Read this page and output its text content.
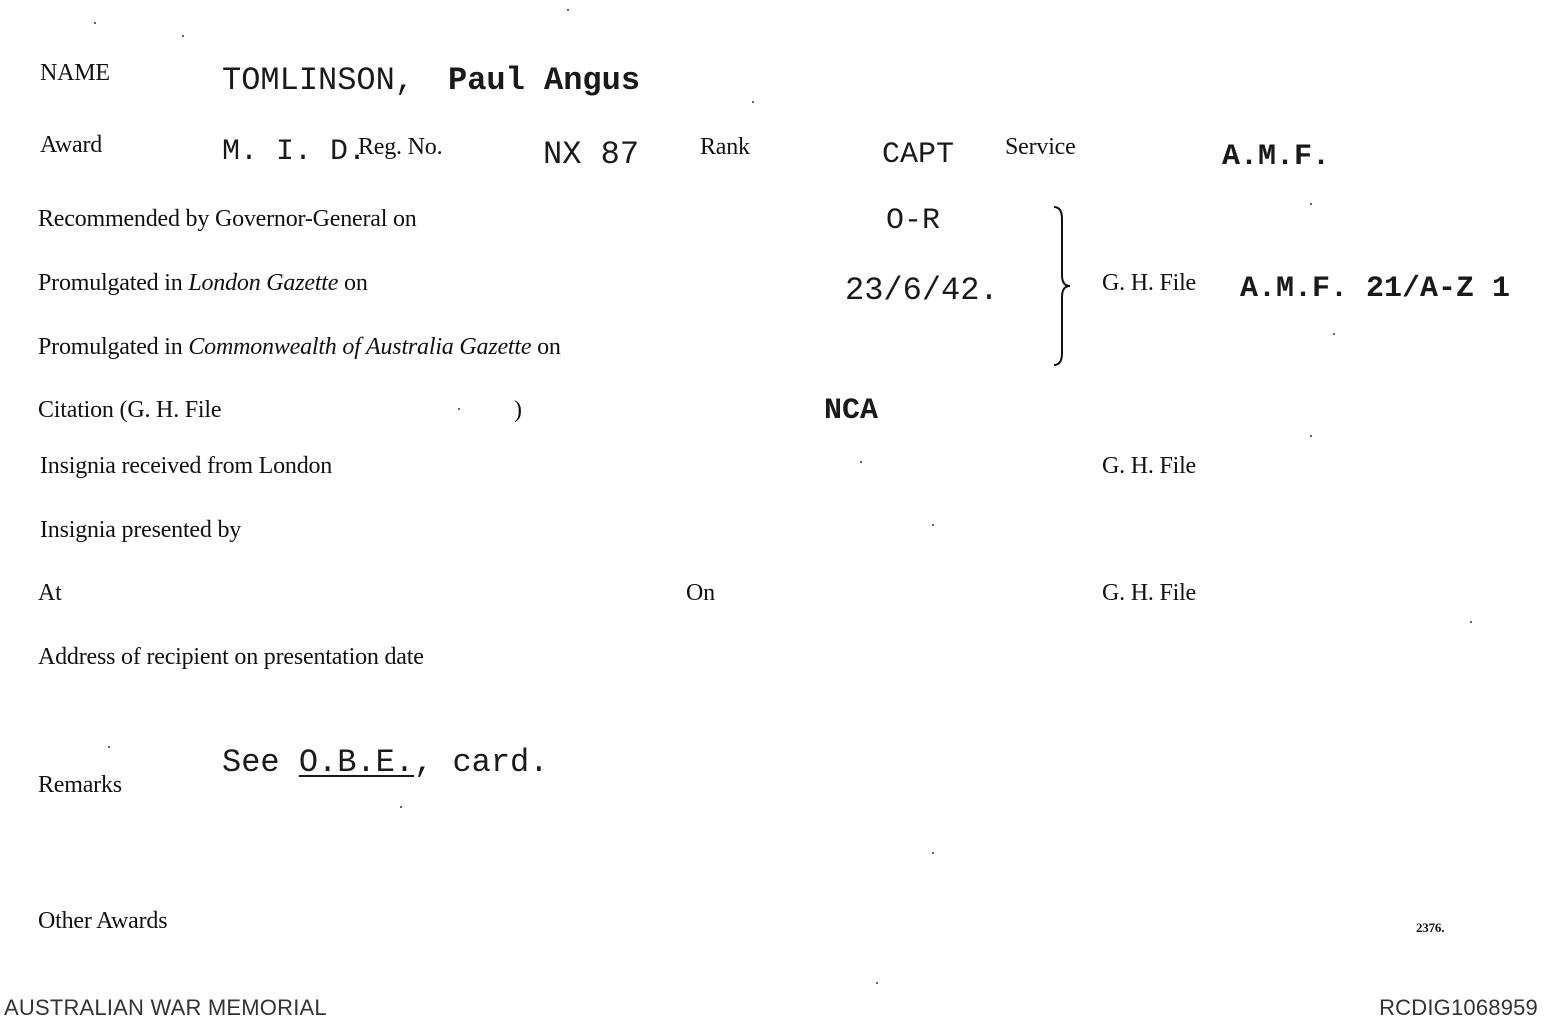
NAME	TOMLINSON, Paul Angus
Award	M. I. D.
Reg. No.	NX 87	Rank	CAPT Service	A.M.F.
Recommended by Governor-General on	O-R
Promulgated in London Gazette on	23/6/42.	G. H. File A.M.F. 21/A-Z 1
Promulgated in Commonwealth of Australia Gazette on
Citation (G. H. File	)	NCA
Insignia received from London	G. H. File
Insignia presented by
At	On	G. H. File
Address of recipient on presentation date
Remarks
See O.B.E., card.
Other Awards	2376.
AUSTRALIAN WAR MEMORIAL	RCDIG1068959
